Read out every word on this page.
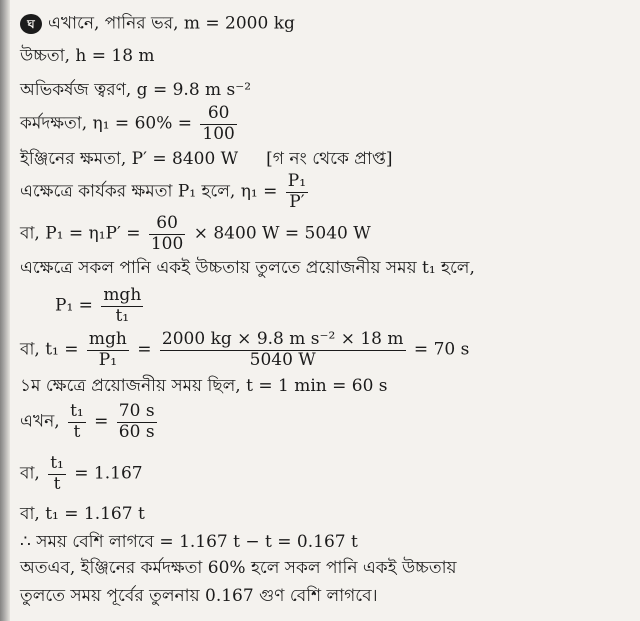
ঘ এখানে, পানির ভর, m = 2000 kg
উচ্চতা, h = 18 m
অভিকর্ষজ ত্বরণ, g = 9.8 m s⁻²
কর্মদক্ষতা, $\eta_1 = 60\% = \frac{60}{100}$
ইঞ্জিনের ক্ষমতা, P′ = 8400 W [গ নং থেকে প্রাপ্ত]
এক্ষেত্রে কার্যকর ক্ষমতা P₁ হলে, $\eta_1 = \frac{\text{P₁}}{P'}$
বা, $P_1 = \eta_1P' = \frac{60}{100} \times 8400$ W = 5040 W
এক্ষেত্রে সকল পানি একই উচ্চতায় তুলতে প্রয়োজনীয় সময় t₁ হলে,
$P_1 = \frac{\text{mgh}}{\text{t₁}}$
বা, $t_1 = \frac{\text{mgh}}{\text{P₁}} = \frac{\text{2000 kg × 9.8 m s⁻² × 18 m}}{5040 W} = 70$ s
১ম ক্ষেত্রে প্রয়োজনীয় সময় ছিল, t = 1 min = 60 s
এখন, $\frac{\text{t₁}}{t} = \frac{70 s}{60 s}$
বা, $\frac{\text{t₁}}{t} = 1.167$
বা, t₁ = 1.167 t
∴ সময় বেশি লাগবে = 1.167 t − t = 0.167 t
অতএব, ইঞ্জিনের কর্মদক্ষতা 60% হলে সকল পানি একই উচ্চতায়
তুলতে সময় পূর্বের তুলনায় 0.167 গুণ বেশি লাগবে।
